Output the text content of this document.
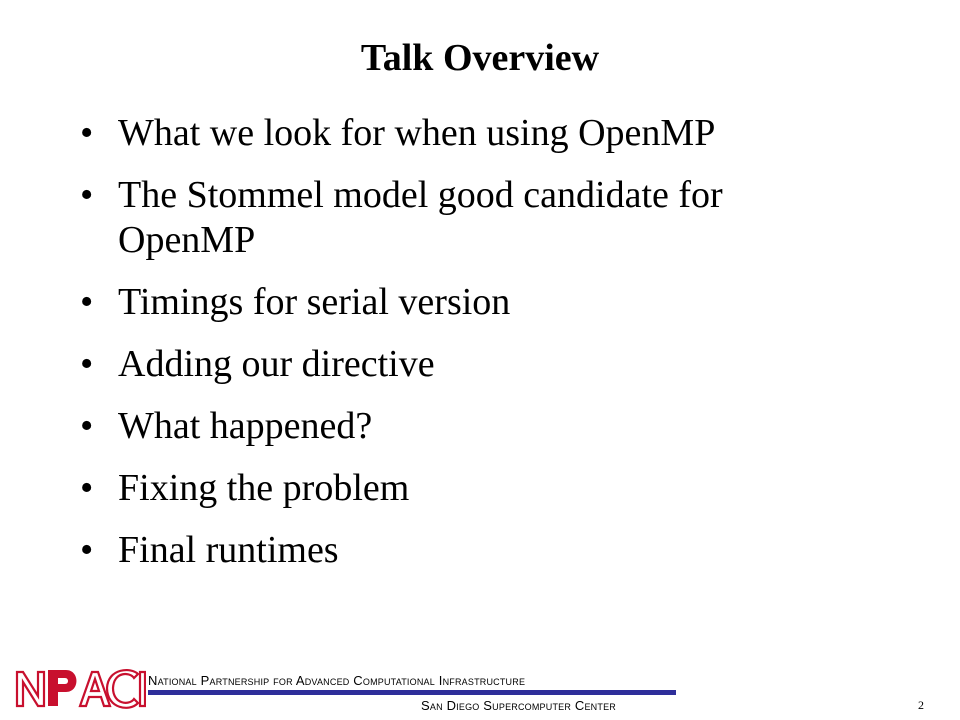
Talk Overview
• What we look for when using OpenMP
• The Stommel model good candidate for OpenMP
• Timings for serial version
• Adding our directive
• What happened?
• Fixing the problem
• Final runtimes
National Partnership for Advanced Computational Infrastructure
San Diego Supercomputer Center	2
